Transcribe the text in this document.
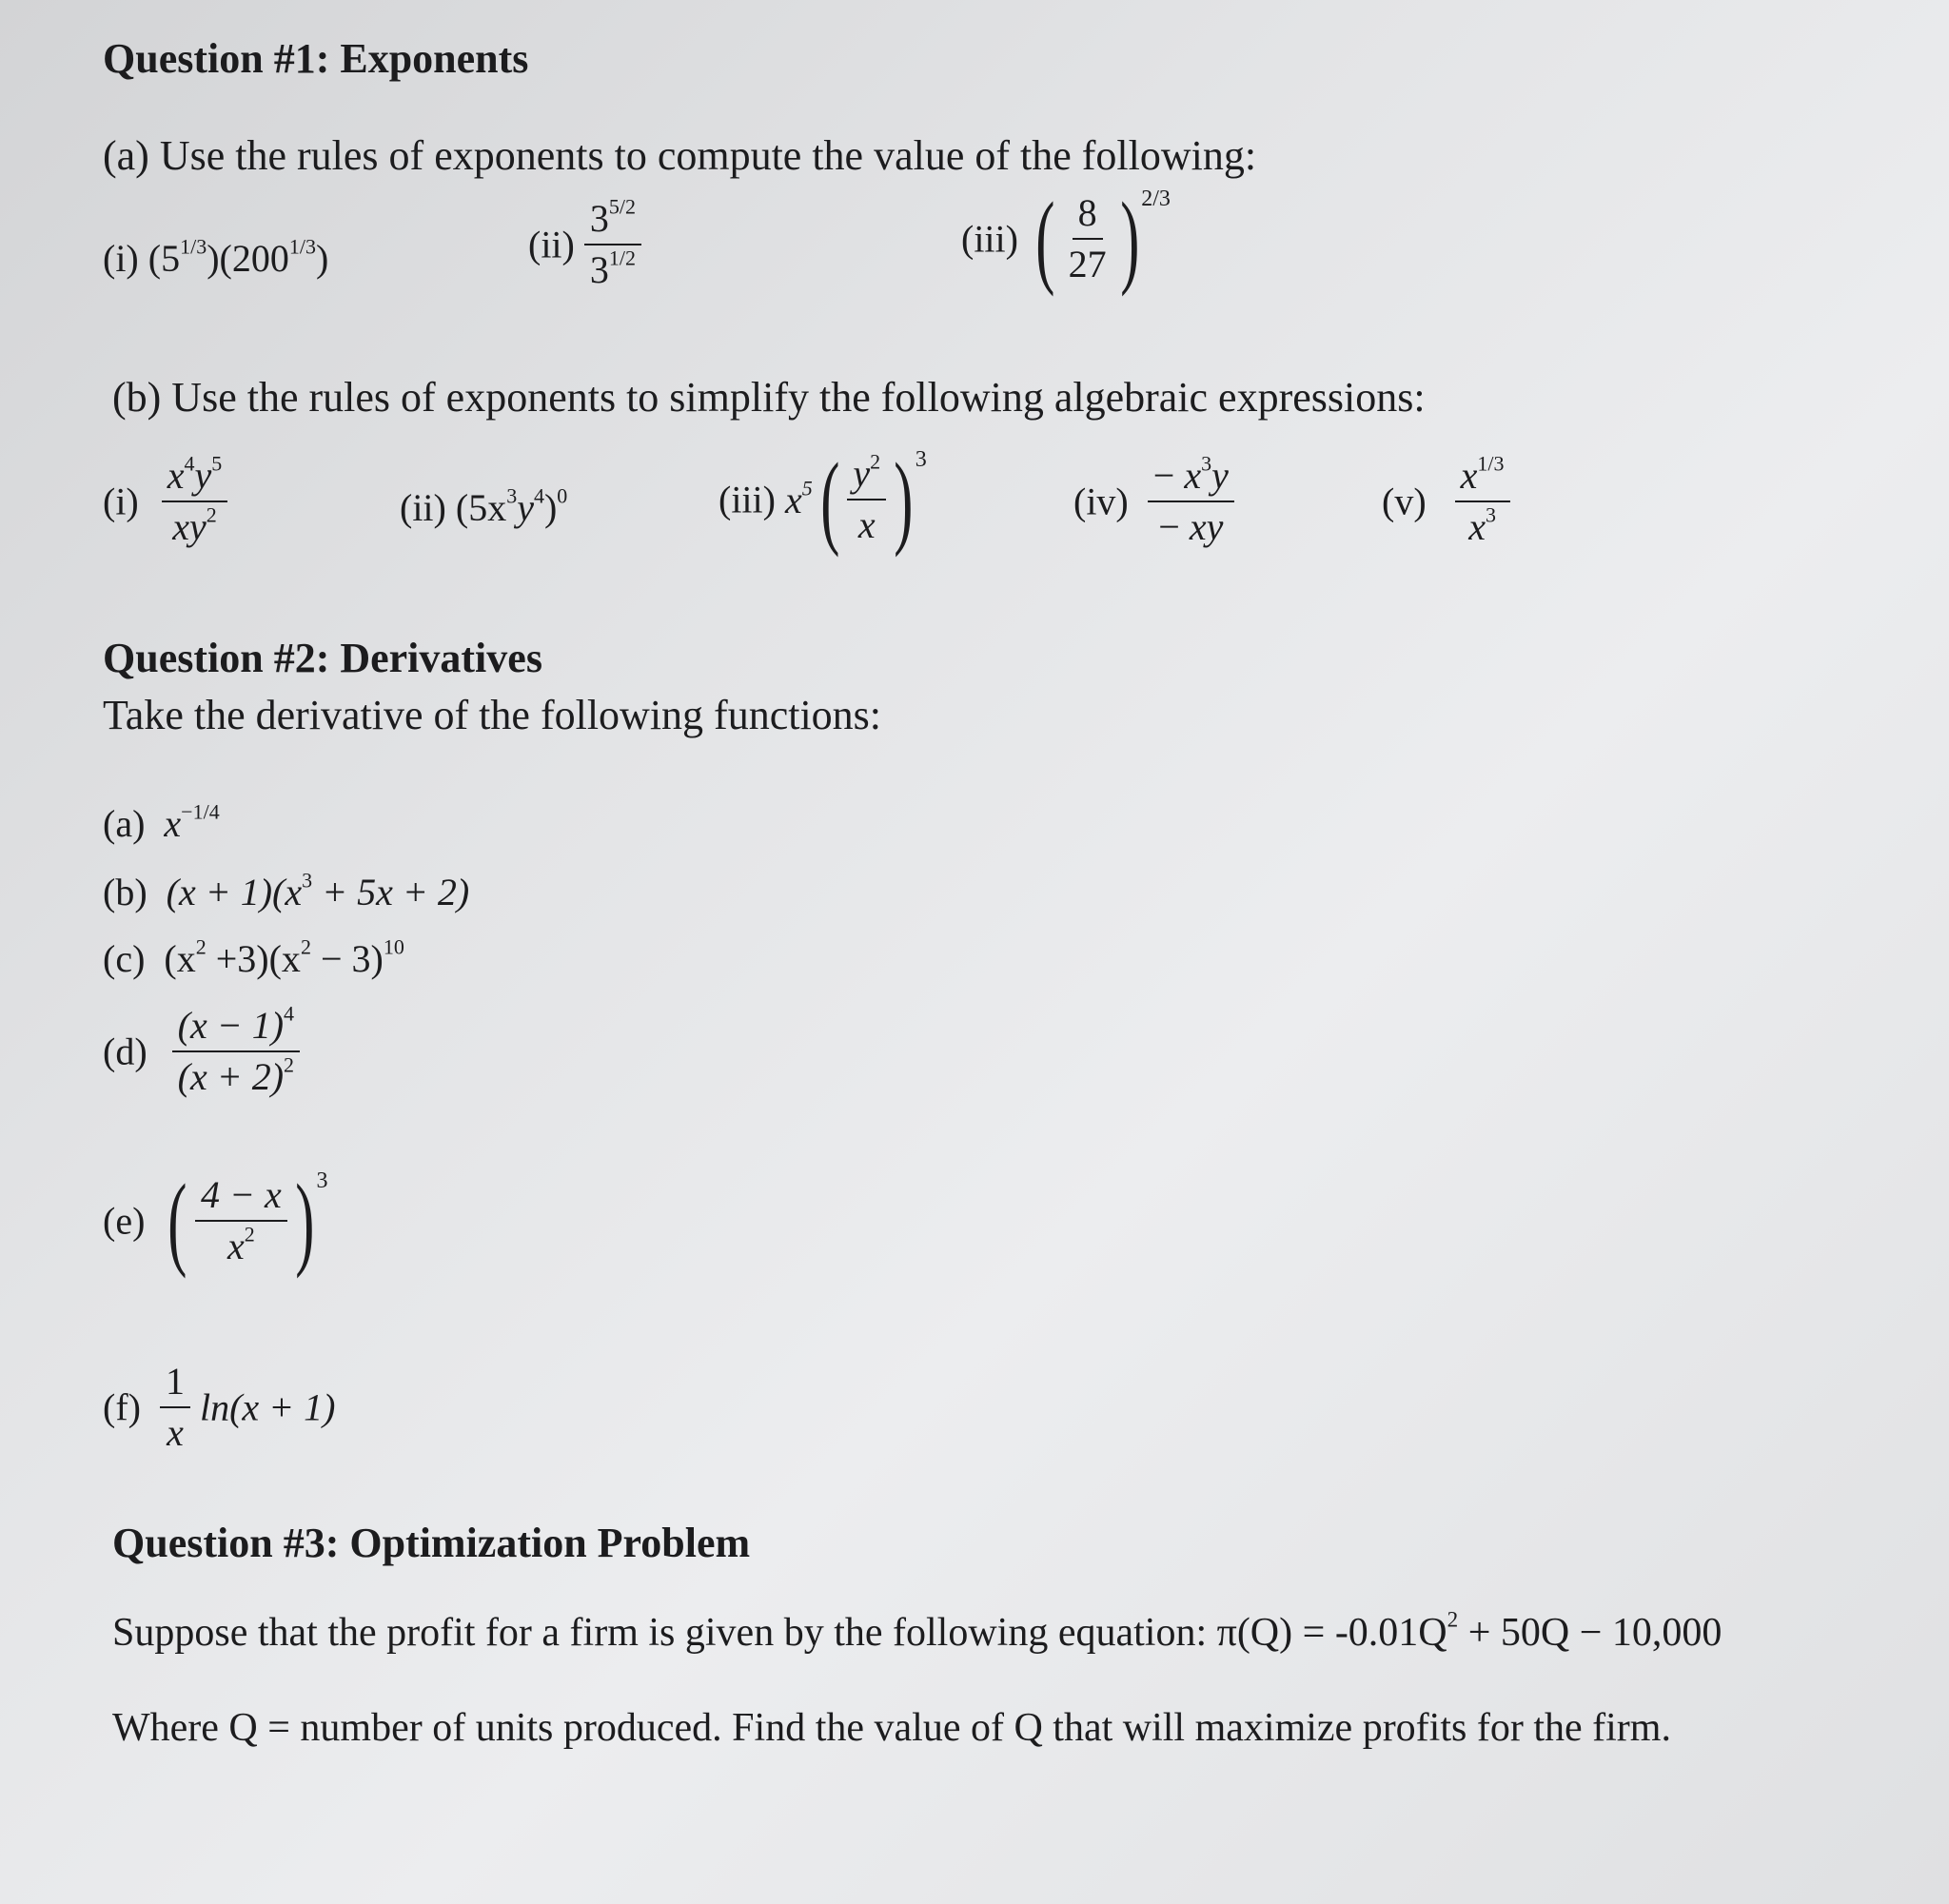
Question #1: Exponents
(a) Use the rules of exponents to compute the value of the following:
(i) $(5^{1/3})(200^{1/3})$	$(ii) \frac{3^{5/2}}{3^{1/2}}$	(iii) ( $\frac{8}{27} )2/3$
(b) Use the rules of exponents to simplify the following algebraic expressions:
$(i) \frac{x^4y^5}{xy^2}$	(ii) $(5x^3y^4)^0$	(iii) $x^5( \frac{y^2}{x} )3$
$(iv) \frac{- x^3y}{- xy}$	$(v) \frac{x^{1/3}}{x^3}$
Question #2: Derivatives
Take the derivative of the following functions:
(a) $x^{-1/4}$
(b) $(x + 1)(x^3 + 5x + 2)$
(c) $(x^2 +3)(x^2 - 3)^{10}$
$(d) \frac{(x - 1)^4}{(x + 2)^2}$
(e) ( $\frac{4 - x}{x^2} )3$
$(f) \frac{1}{x} \ln(x + 1)$
Question #3: Optimization Problem
Suppose that the profit for a firm is given by the following equation: $\pi(Q) = -0.01Q^2 + 50Q - 10,000$
Where Q = number of units produced. Find the value of Q that will maximize profits for the firm.
